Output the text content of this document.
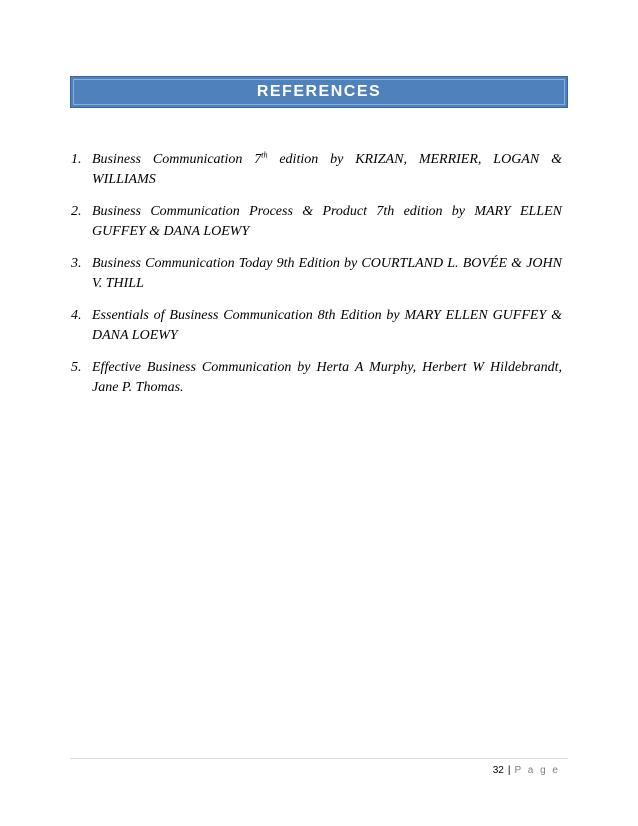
REFERENCES
1. Business Communication 7th edition by KRIZAN, MERRIER, LOGAN & WILLIAMS
2. Business Communication Process & Product 7th edition by MARY ELLEN GUFFEY & DANA LOEWY
3. Business Communication Today 9th Edition by COURTLAND L. BOVÉE & JOHN V. THILL
4. Essentials of Business Communication 8th Edition by MARY ELLEN GUFFEY & DANA LOEWY
5. Effective Business Communication by Herta A Murphy, Herbert W Hildebrandt, Jane P. Thomas.
32 | P a g e
